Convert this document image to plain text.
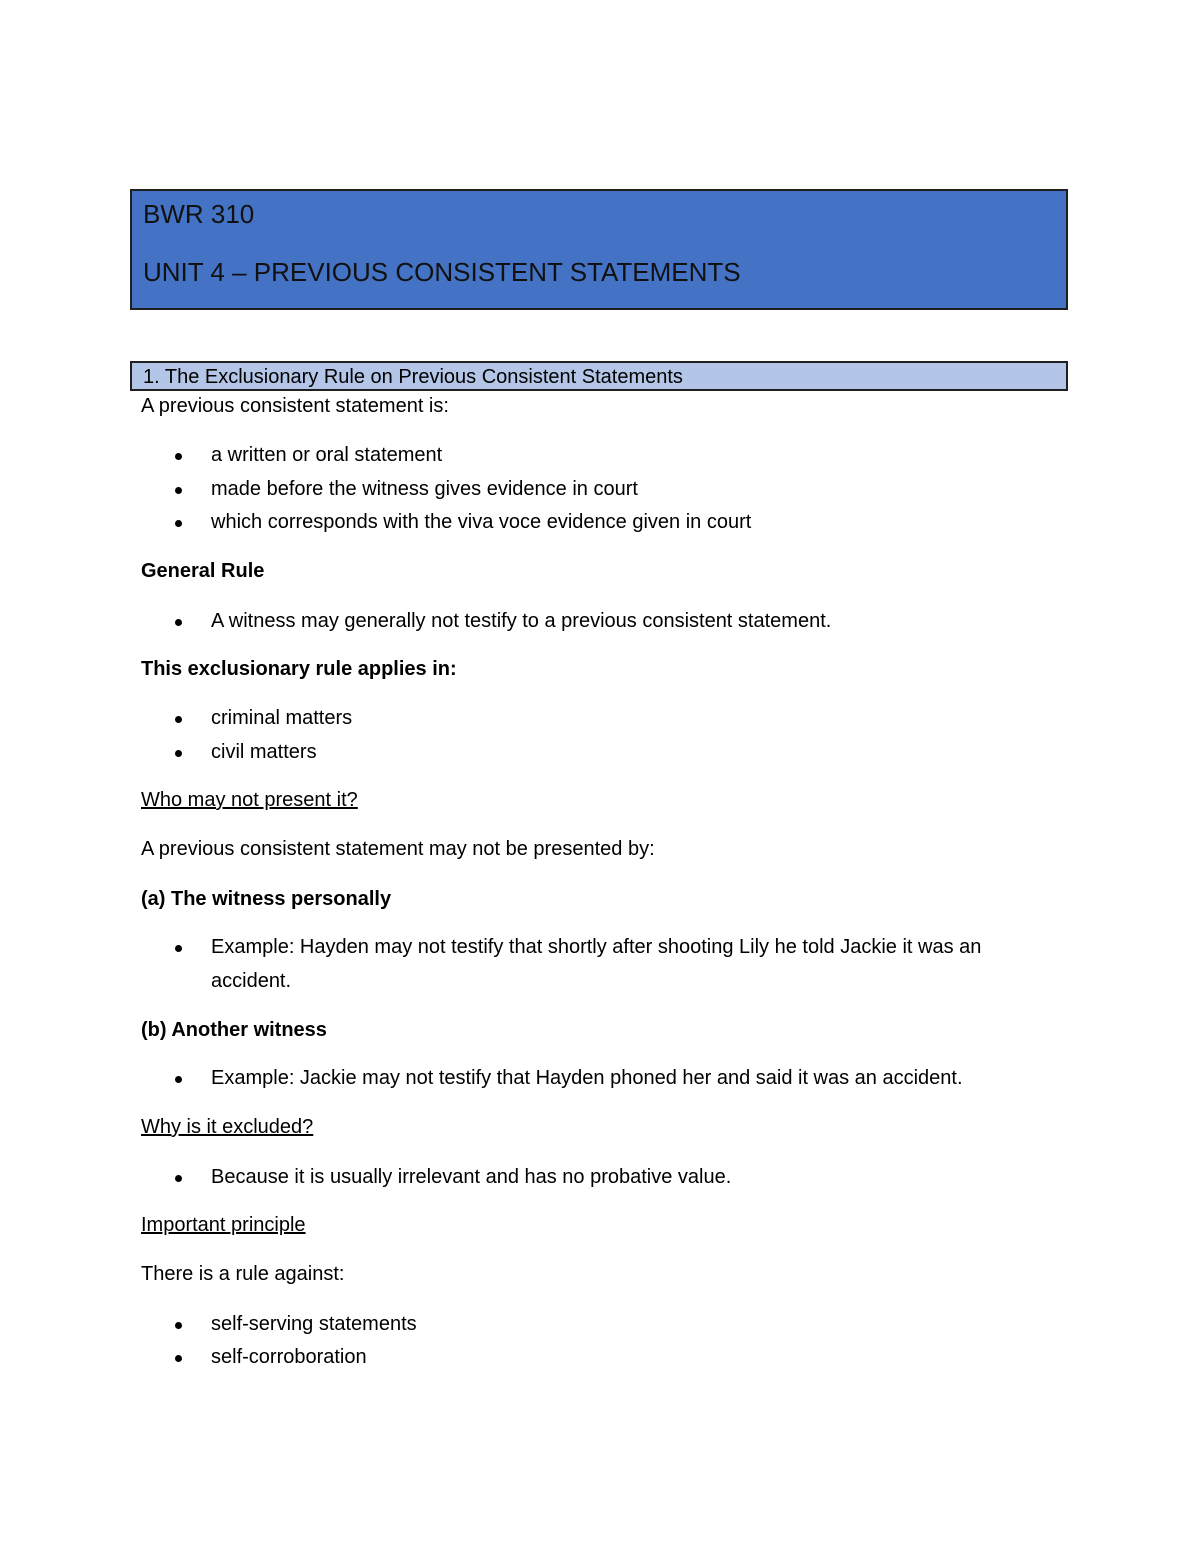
BWR 310
UNIT 4 – PREVIOUS CONSISTENT STATEMENTS
1. The Exclusionary Rule on Previous Consistent Statements
A previous consistent statement is:
a written or oral statement
made before the witness gives evidence in court
which corresponds with the viva voce evidence given in court
General Rule
A witness may generally not testify to a previous consistent statement.
This exclusionary rule applies in:
criminal matters
civil matters
Who may not present it?
A previous consistent statement may not be presented by:
(a) The witness personally
Example: Hayden may not testify that shortly after shooting Lily he told Jackie it was an
accident.
(b) Another witness
Example: Jackie may not testify that Hayden phoned her and said it was an accident.
Why is it excluded?
Because it is usually irrelevant and has no probative value.
Important principle
There is a rule against:
self-serving statements
self-corroboration
